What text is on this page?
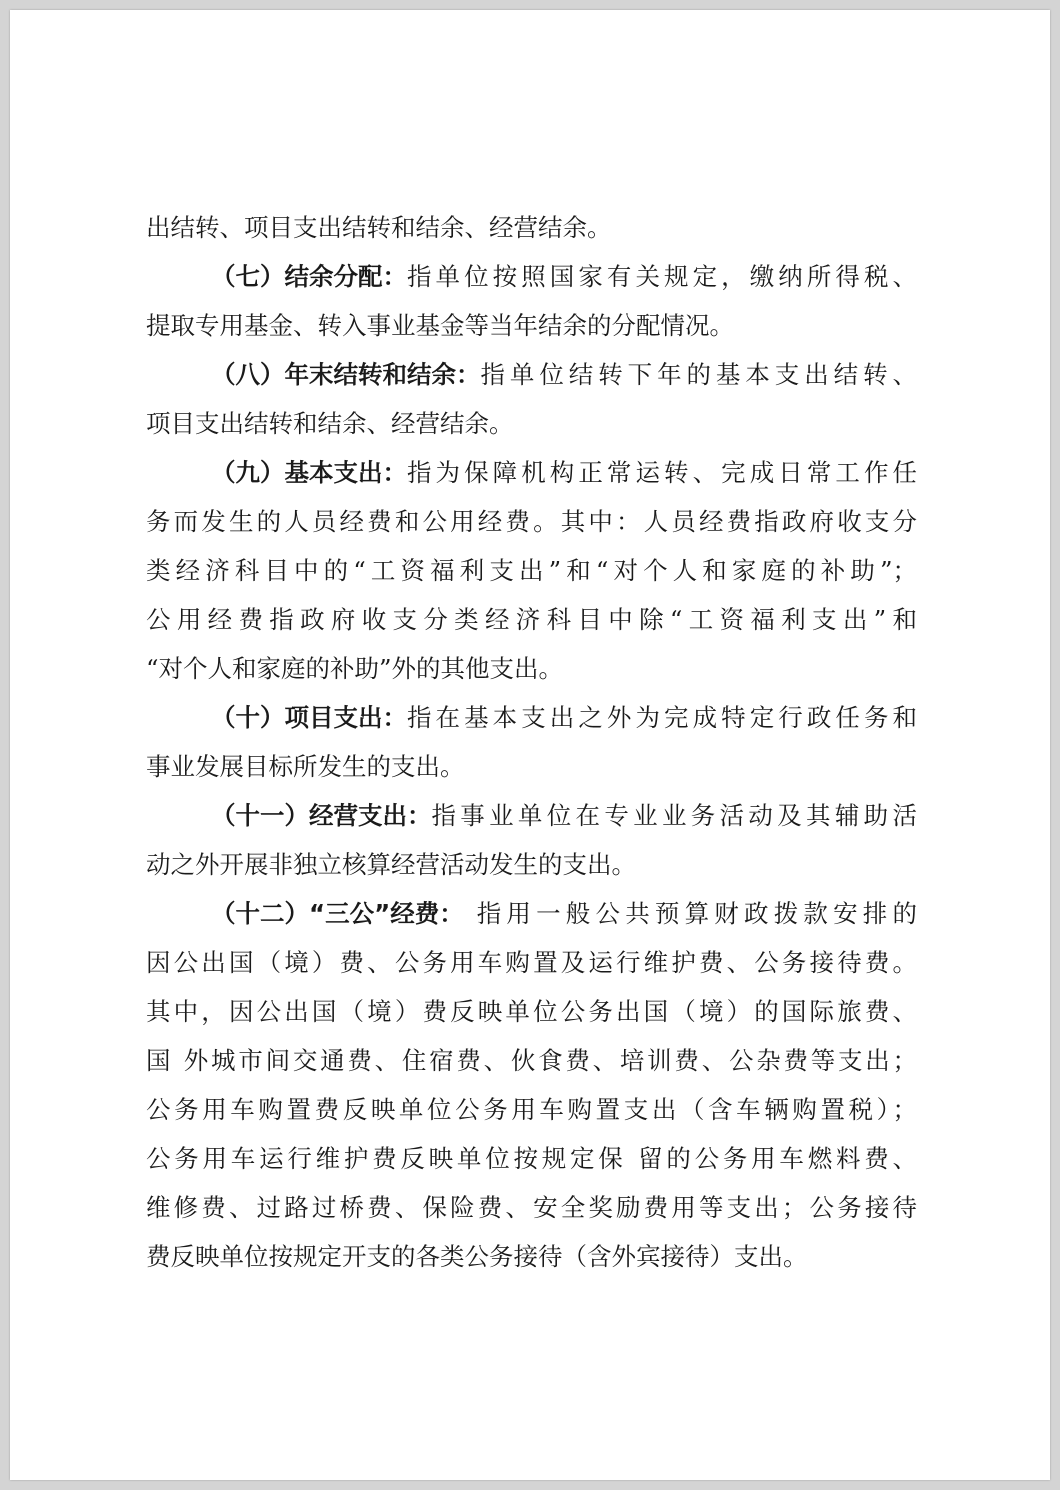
出结转、项目支出结转和结余、经营结余。
（七）结余分配： 指单位按照国家有关规定，缴纳所得税、
提取专用基金、转入事业基金等当年结余的分配情况。
（八）年末结转和结余： 指单位结转下年的基本支出结转、
项目支出结转和结余、经营结余。
（九）基本支出： 指为保障机构正常运转、完成日常工作任
务而发生的人员经费和公用经费。其中：人员经费指政府收支分
类经济科目中的“工资福利支出”和“对个人和家庭的补助”；
公用经费指政府收支分类经济科目中除“工资福利支出”和
“对个人和家庭的补助”外的其他支出。
（十）项目支出： 指在基本支出之外为完成特定行政任务和
事业发展目标所发生的支出。
（十一）经营支出： 指事业单位在专业业务活动及其辅助活
动之外开展非独立核算经营活动发生的支出。
（十二）“三公”经费： 指用一般公共预算财政拨款安排的
因公出国（境）费、公务用车购置及运行维护费、公务接待费。
其中，因公出国（境）费反映单位公务出国（境）的国际旅费、
国 外城市间交通费、住宿费、伙食费、培训费、公杂费等支出；
公务用车购置费反映单位公务用车购置支出（含车辆购置税）；
公务用车运行维护费反映单位按规定保 留的公务用车燃料费、
维修费、过路过桥费、保险费、安全奖励费用等支出；公务接待
费反映单位按规定开支的各类公务接待（含外宾接待）支出。
